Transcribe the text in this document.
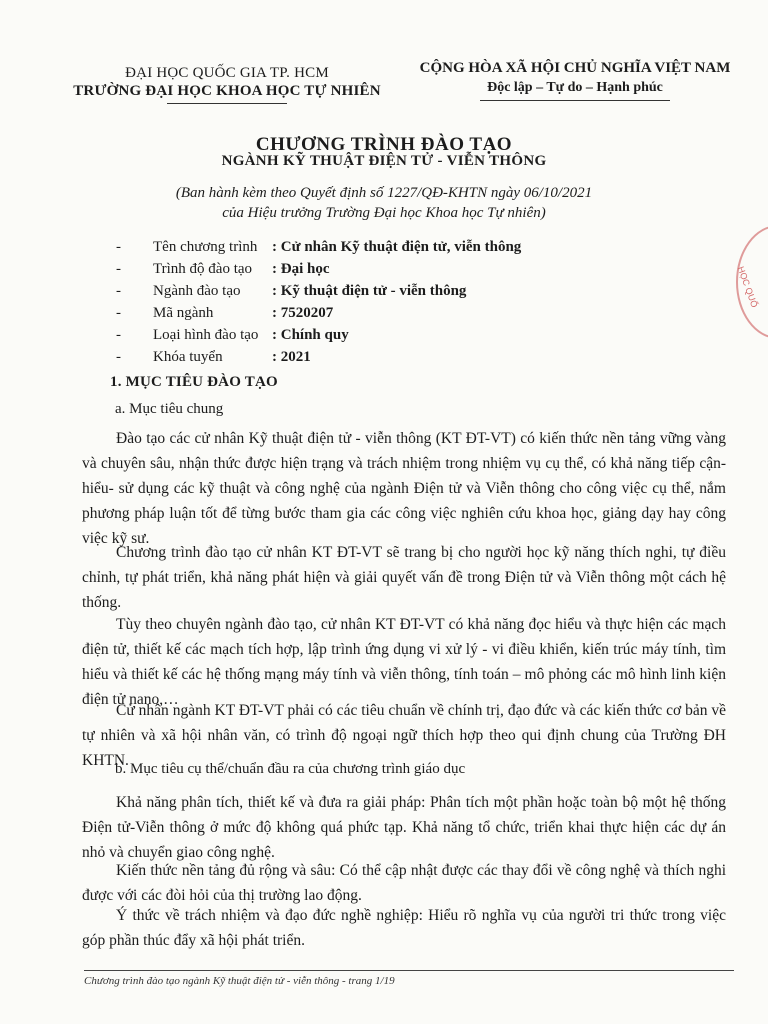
ĐẠI HỌC QUỐC GIA TP. HCM
TRƯỜNG ĐẠI HỌC KHOA HỌC TỰ NHIÊN
CỘNG HÒA XÃ HỘI CHỦ NGHĨA VIỆT NAM
Độc lập – Tự do – Hạnh phúc
CHƯƠNG TRÌNH ĐÀO TẠO
NGÀNH KỸ THUẬT ĐIỆN TỬ - VIỄN THÔNG
(Ban hành kèm theo Quyết định số 1227/QĐ-KHTN ngày 06/10/2021
của Hiệu trưởng Trường Đại học Khoa học Tự nhiên)
- Tên chương trình : Cử nhân Kỹ thuật điện tử, viễn thông
- Trình độ đào tạo : Đại học
- Ngành đào tạo : Kỹ thuật điện tử - viễn thông
- Mã ngành	: 7520207
- Loại hình đào tạo : Chính quy
- Khóa tuyển	: 2021
HỌC QUỐ
1. MỤC TIÊU ĐÀO TẠO
a. Mục tiêu chung
Đào tạo các cử nhân Kỹ thuật điện tử - viễn thông (KT ĐT-VT) có kiến thức nền tảng vững vàng và chuyên sâu, nhận thức được hiện trạng và trách nhiệm trong nhiệm vụ cụ thể, có khả năng tiếp cận- hiểu- sử dụng các kỹ thuật và công nghệ của ngành Điện tử và Viễn thông cho công việc cụ thể, nắm phương pháp luận tốt để từng bước tham gia các công việc nghiên cứu khoa học, giảng dạy hay công việc kỹ sư.
Chương trình đào tạo cử nhân KT ĐT-VT sẽ trang bị cho người học kỹ năng thích nghi, tự điều chỉnh, tự phát triển, khả năng phát hiện và giải quyết vấn đề trong Điện tử và Viễn thông một cách hệ thống.
Tùy theo chuyên ngành đào tạo, cử nhân KT ĐT-VT có khả năng đọc hiểu và thực hiện các mạch điện tử, thiết kế các mạch tích hợp, lập trình ứng dụng vi xử lý - vi điều khiển, kiến trúc máy tính, tìm hiểu và thiết kế các hệ thống mạng máy tính và viễn thông, tính toán – mô phỏng các mô hình linh kiện điện tử nano,…
Cử nhân ngành KT ĐT-VT phải có các tiêu chuẩn về chính trị, đạo đức và các kiến thức cơ bản về tự nhiên và xã hội nhân văn, có trình độ ngoại ngữ thích hợp theo qui định chung của Trường ĐH KHTN.
b. Mục tiêu cụ thể/chuẩn đầu ra của chương trình giáo dục
Khả năng phân tích, thiết kế và đưa ra giải pháp: Phân tích một phần hoặc toàn bộ một hệ thống Điện tử-Viễn thông ở mức độ không quá phức tạp. Khả năng tổ chức, triển khai thực hiện các dự án nhỏ và chuyển giao công nghệ.
Kiến thức nền tảng đủ rộng và sâu: Có thể cập nhật được các thay đổi về công nghệ và thích nghi được với các đòi hỏi của thị trường lao động.
Ý thức về trách nhiệm và đạo đức nghề nghiệp: Hiểu rõ nghĩa vụ của người tri thức trong việc góp phần thúc đẩy xã hội phát triển.
Chương trình đào tạo ngành Kỹ thuật điện tử - viễn thông - trang 1/19
